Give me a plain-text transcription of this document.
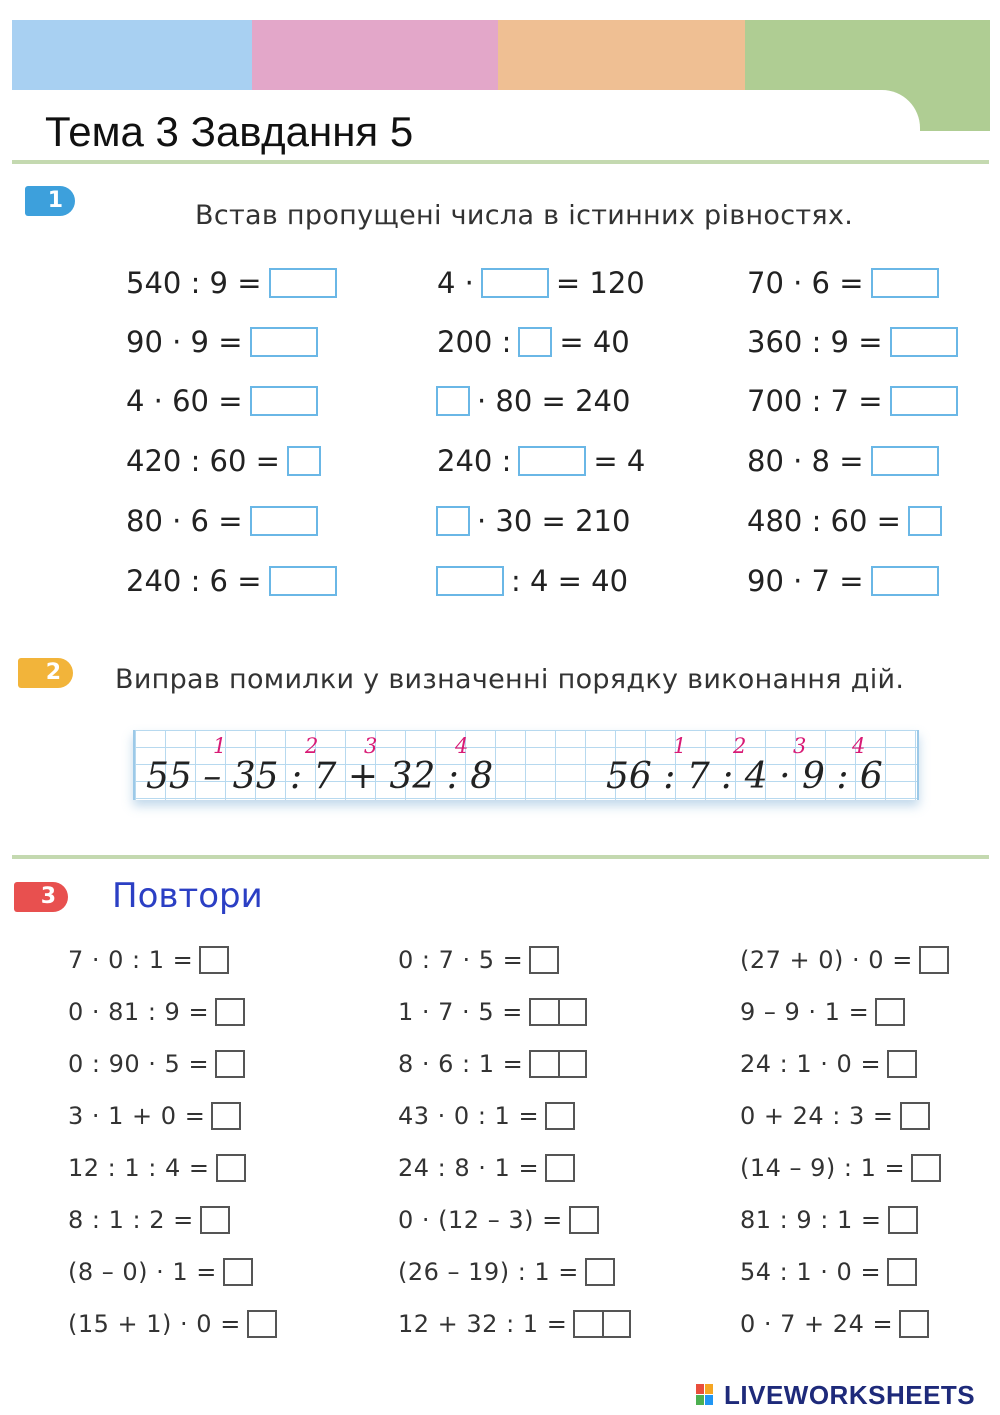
Тема 3 Завдання 5
1	Встав пропущені числа в істинних рівностях.
540 : 9 =
90 · 9 =
4 · 60 =
420 : 60 =
80 · 6 =
240 : 6 =
4 ·	= 120
200 : = 40
· 80 = 240
240 :	= 4
· 30 = 210
: 4 = 40
70 · 6 =
360 : 9 =
700 : 7 =
80 · 8 =
480 : 60 =
90 · 7 =
2	Виправ помилки у визначенні порядку виконання дій.
55 – 35 : 7 + 32 : 8	56 : 7 : 4 · 9 : 6
1	2 3	4	1 2 3 4
3	Повтори
7 · 0 : 1 =
0 · 81 : 9 =
0 : 90 · 5 =
3 · 1 + 0 =
12 : 1 : 4 =
8 : 1 : 2 =
(8 – 0) · 1 =
(15 + 1) · 0 =
0 : 7 · 5 =
1 · 7 · 5 =
8 · 6 : 1 =
43 · 0 : 1 =
24 : 8 · 1 =
0 · (12 – 3) =
(26 – 19) : 1 =
12 + 32 : 1 =
(27 + 0) · 0 =
9 – 9 · 1 =
24 : 1 · 0 =
0 + 24 : 3 =
(14 – 9) : 1 =
81 : 9 : 1 =
54 : 1 · 0 =
0 · 7 + 24 =
LIVEWORKSHEETS
